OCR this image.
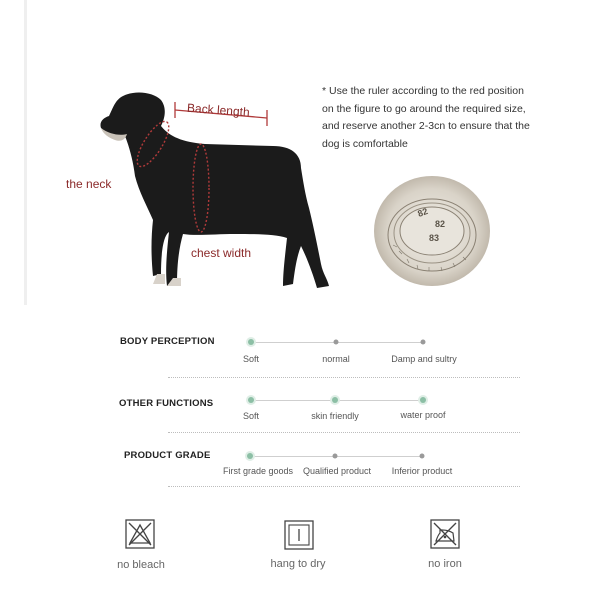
Back length
the neck
chest width
* Use the ruler according to the red position on the figure to go around the required size, and reserve another 2-3cn to ensure that the dog is comfortable
82
82
83
BODY PERCEPTION
Soft	normal	Damp and sultry
OTHER FUNCTIONS
Soft	skin friendly	water proof
PRODUCT GRADE
First grade goods Qualified product Inferior product
no bleach	hang to dry	no iron
